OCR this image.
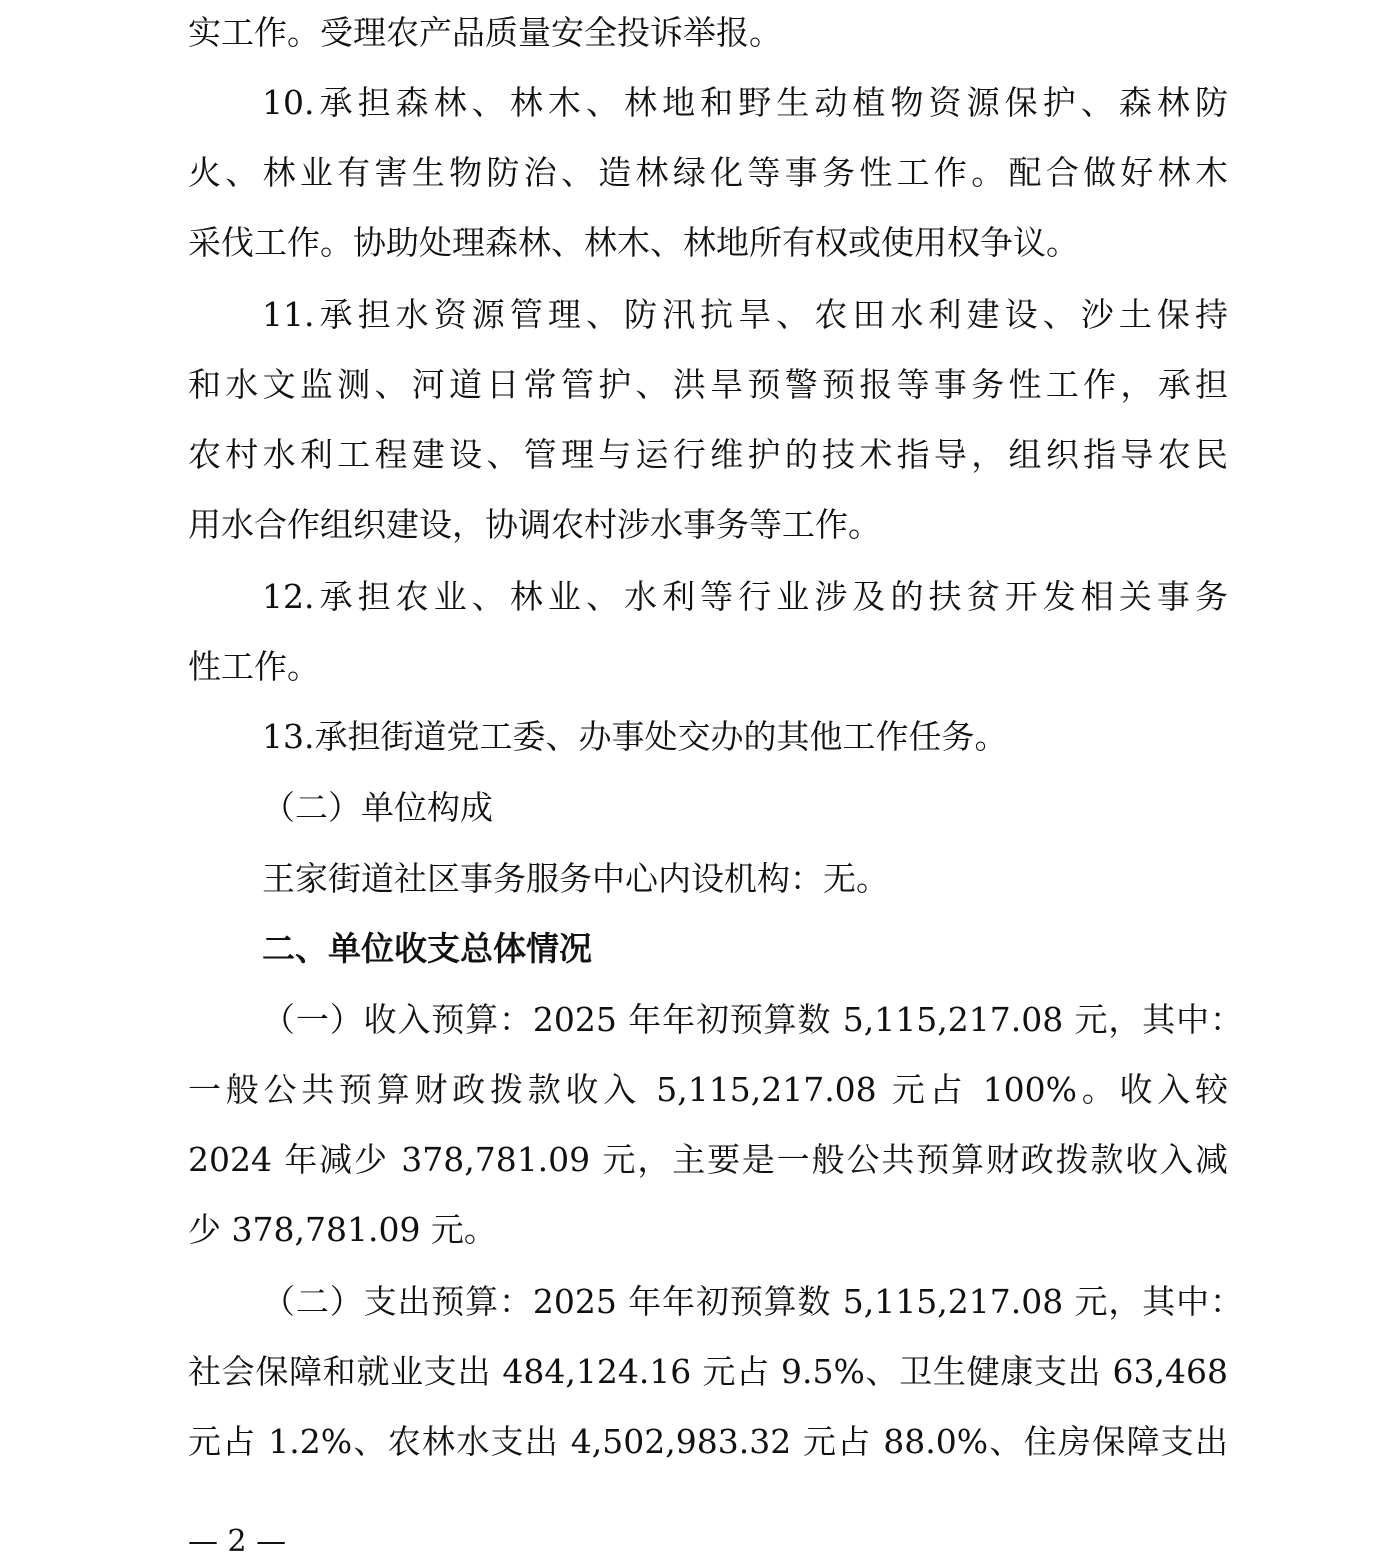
实工作。受理农产品质量安全投诉举报。
10.承担森林、林木、林地和野生动植物资源保护、森林防
火、林业有害生物防治、造林绿化等事务性工作。配合做好林木
采伐工作。协助处理森林、林木、林地所有权或使用权争议。
11.承担水资源管理、防汛抗旱、农田水利建设、沙土保持
和水文监测、河道日常管护、洪旱预警预报等事务性工作，承担
农村水利工程建设、管理与运行维护的技术指导，组织指导农民
用水合作组织建设，协调农村涉水事务等工作。
12.承担农业、林业、水利等行业涉及的扶贫开发相关事务
性工作。
13.承担街道党工委、办事处交办的其他工作任务。
（二）单位构成
王家街道社区事务服务中心内设机构：无。
二、单位收支总体情况
（一）收入预算：2025 年年初预算数 5,115,217.08 元，其中：
一般公共预算财政拨款收入 5,115,217.08 元占 100%。收入较
2024 年减少 378,781.09 元，主要是一般公共预算财政拨款收入减
少 378,781.09 元。
（二）支出预算：2025 年年初预算数 5,115,217.08 元，其中：
社会保障和就业支出 484,124.16 元占 9.5%、卫生健康支出 63,468
元占 1.2%、农林水支出 4,502,983.32 元占 88.0%、住房保障支出
— 2 —
